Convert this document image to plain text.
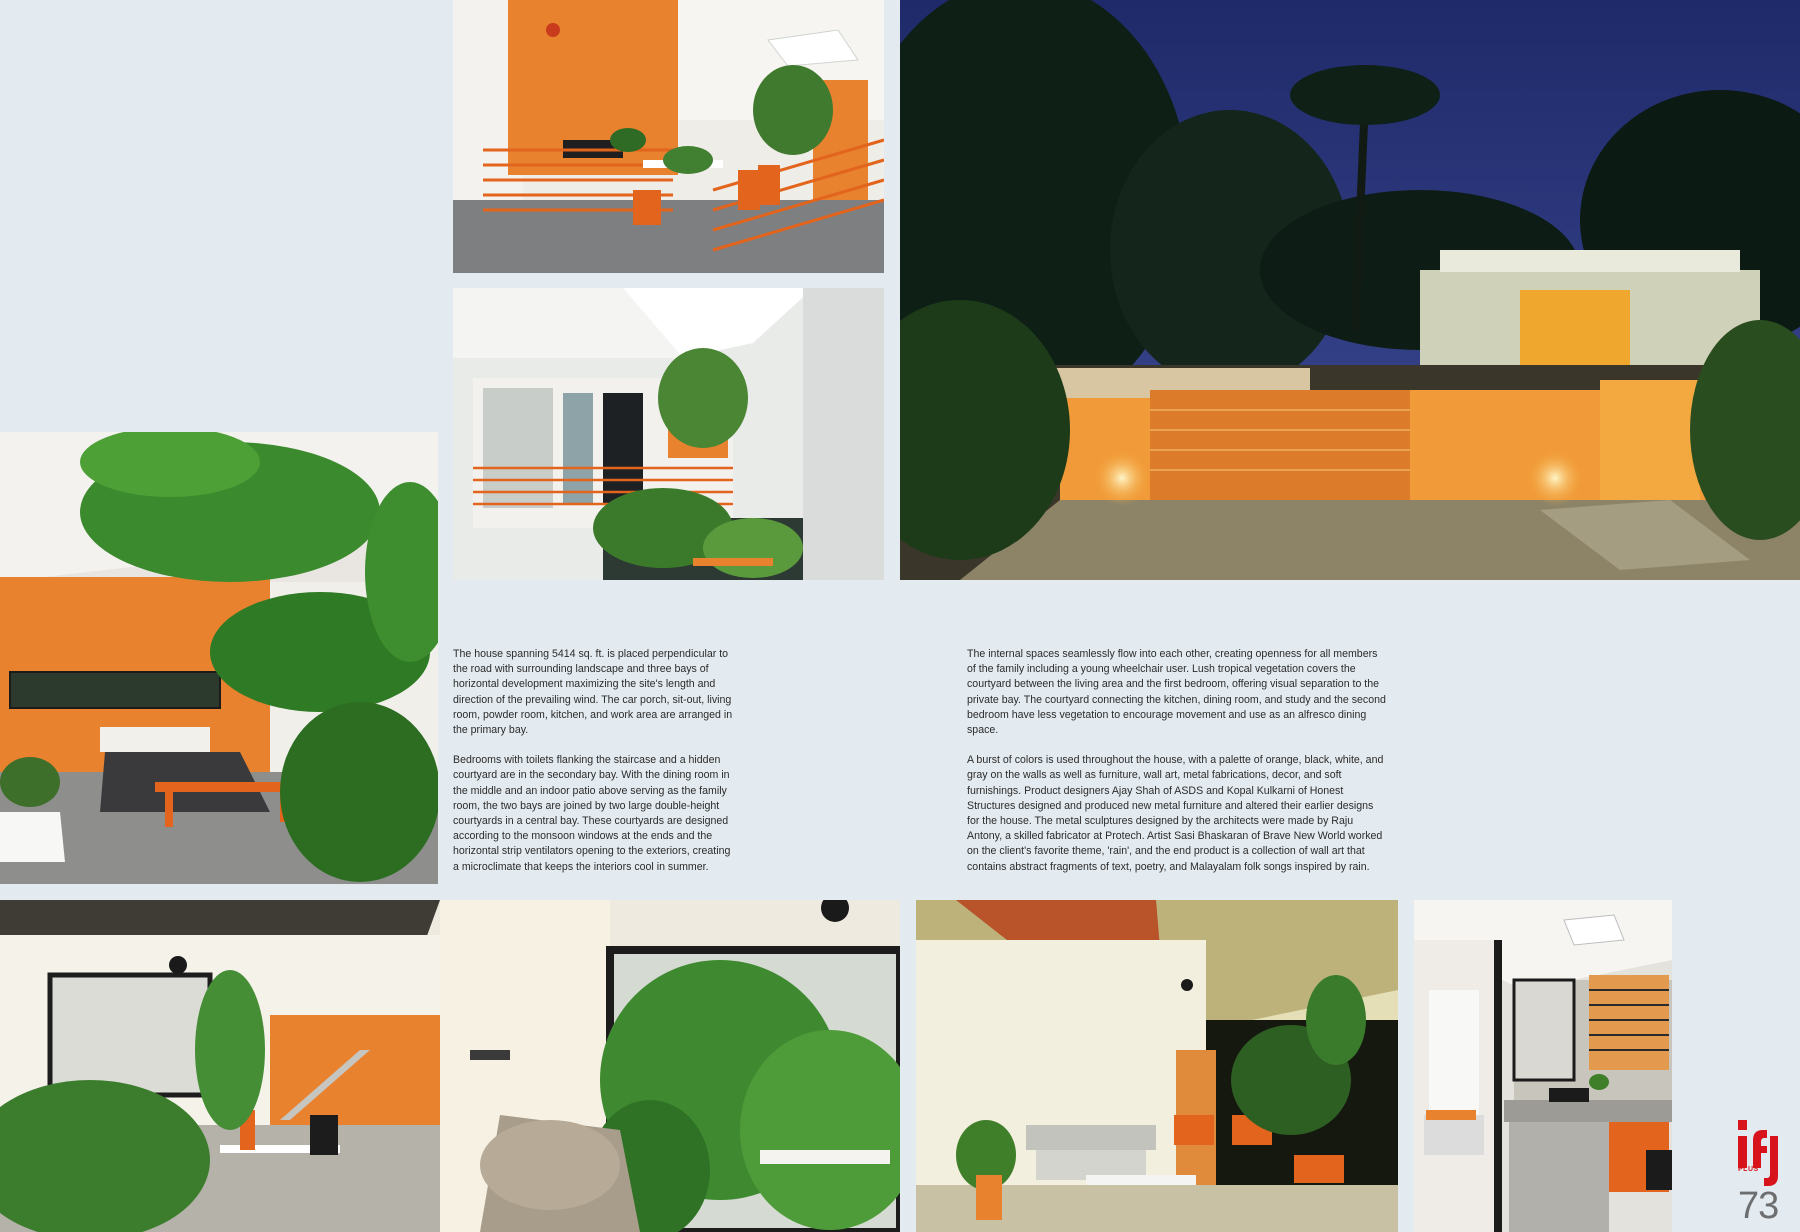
The house spanning 5414 sq. ft. is placed perpendicular to the road with surrounding landscape and three bays of horizontal development maximizing the site's length and direction of the prevailing wind. The car porch, sit-out, living room, powder room, kitchen, and work area are arranged in the primary bay.

Bedrooms with toilets flanking the staircase and a hidden courtyard are in the secondary bay. With the dining room in the middle and an indoor patio above serving as the family room, the two bays are joined by two large double-height courtyards in a central bay. These courtyards are designed according to the monsoon windows at the ends and the horizontal strip ventilators opening to the exteriors, creating a microclimate that keeps the interiors cool in summer.

The internal spaces seamlessly flow into each other, creating openness for all members of the family including a young wheelchair user. Lush tropical vegetation covers the courtyard between the living area and the first bedroom, offering visual separation to the private bay. The courtyard connecting the kitchen, dining room, and study and the second bedroom have less vegetation to encourage movement and use as an alfresco dining space.

A burst of colors is used throughout the house, with a palette of orange, black, white, and gray on the walls as well as furniture, wall art, metal fabrications, decor, and soft furnishings. Product designers Ajay Shah of ASDS and Kopal Kulkarni of Honest Structures designed and produced new metal furniture and altered their earlier designs for the house. The metal sculptures designed by the architects were made by Raju Antony, a skilled fabricator at Protech. Artist Sasi Bhaskaran of Brave New World worked on the client's favorite theme, 'rain', and the end product is a collection of wall art that contains abstract fragments of text, poetry, and Malayalam folk songs inspired by rain.

PLUS
73
